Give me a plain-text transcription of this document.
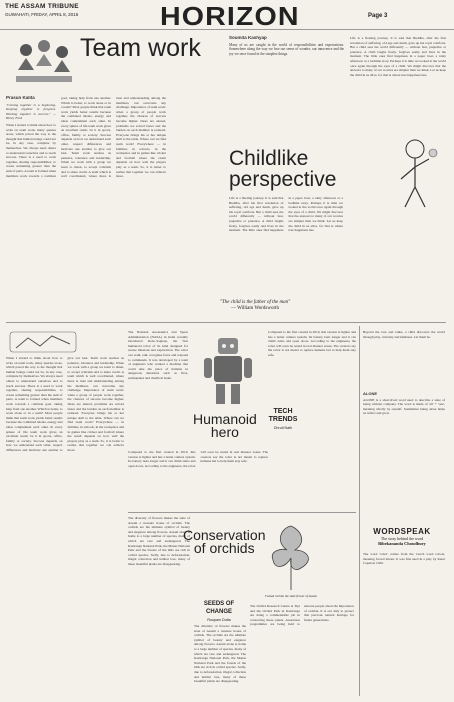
THE ASSAM TRIBUNE
GUWAHATI, FRIDAY, APRIL 8, 2016	HORIZON	Page 3
Team work
Prasun Kalita

"Coming together is a beginning. Keeping together is progress. Working together is success." — Henry Ford

When I started to think about how to write on team work, many queries arose, which paved the way to the thought that human beings could not be, in any case, complete by themselves. We always need others to understand ourselves and to reach success. There is a need to work together, sharing responsibilities, to create something greater than the sum of parts. A team is formed when members work towards a common goal, taking help from one another. Which is better, to work alone or in a team? Most people think that team work yields better results because the combined talents, energy and ideas complement each other. In every sphere of life team work gives an excellent result, be it in sports, office, family or society. Success depends on how we understand each other, respect differences and motivate one another to give our best. Team work teaches us patience, tolerance and leadership. When we work with a group we learn to listen, to accept criticism and to share credit. A team which is well coordinated, where there is trust and understanding among the members, can overcome any challenge. Importance of team work: when a group of people work together, the chances of success become higher. Ideas are shared, problems are solved faster and the burden on each member is reduced. Everyone brings his or her unique skill to the table. Where can we find team work? Everywhere — in families, in schools, in the workplace and in games like cricket and football where the result depends on how well the players play as a team. So, it is better to realise that together we can achieve more.

Soumita Kashyap

Many of us are caught in the world of responsibilities and expectations. Somewhere along the way we lose our sense of wonder, our innocence and the joy we once found in the simplest things.

Life is a fleeting journey. It is said that Buddha, after his first revelation of suffering, old age and death, gave up his royal comforts. But a child sees the world differently — without fear, prejudice or pretence. A child laughs freely, forgives easily and lives in the moment. The little ones find happiness in a paper boat, a rainy afternoon or a bedtime story. Perhaps it is time we looked at the world once again through the eyes of a child. We might discover that the answers to many of our worries are simpler than we think. Let us keep the child in us alive, for that is where true happiness lies.

Childlike
perspective

Life is a fleeting journey. It is said that Buddha, after his first revelation of suffering, old age and death, gave up his royal comforts. But a child sees the world differently — without fear, prejudice or pretence. A child laughs freely, forgives easily and lives in the moment. The little ones find happiness in a paper boat, a rainy afternoon or a bedtime story. Perhaps it is time we looked at the world once again through the eyes of a child. We might discover that the answers to many of our worries are simpler than we think. Let us keep the child in us alive, for that is where true happiness lies.

"The child is the father of the man"
— William Wordsworth

When I started to think about how to write on team work, many queries arose, which paved the way to the thought that human beings could not be, in any case, complete by themselves. We always need others to understand ourselves and to reach success. There is a need to work together, sharing responsibilities, to create something greater than the sum of parts. A team is formed when members work towards a common goal, taking help from one another. Which is better, to work alone or in a team? Most people think that team work yields better results because the combined talents, energy and ideas complement each other. In every sphere of life team work gives an excellent result, be it in sports, office, family or society. Success depends on how we understand each other, respect differences and motivate one another to give our best. Team work teaches us patience, tolerance and leadership. When we work with a group we learn to listen, to accept criticism and to share credit. A team which is well coordinated, where there is trust and understanding among the members, can overcome any challenge. Importance of team work: when a group of people work together, the chances of success become higher. Ideas are shared, problems are solved faster and the burden on each member is reduced. Everyone brings his or her unique skill to the table. Where can we find team work? Everywhere — in families, in schools, in the workplace and in games like cricket and football where the result depends on how well the players play as a team. So, it is better to realise that together we can achieve more.

The National Aeronautics and Space Administration (NASA) in India recently introduced Robo-Sapiens, the first humanoid robot of its kind designed for rescue missions and exploration. The robot can walk, talk, recognise faces and respond to commands. It was developed by a team of engineers who wanted a machine that could take the place of humans in dangerous situations such as fires, earthquakes and chemical leaks.

Humanoid
hero
TECH
TRENDS
Dhruti Nath

Compared to the first created in 2010, this version is lighter and has a better camera system. Its battery lasts longer and it can climb stairs and open doors. According to the engineers, the robot will soon be tested in real disaster zones. The creators say the robot is not meant to replace humans but to help them stay safe.

Compared to the first created in 2010, this version is lighter and has a better camera system. Its battery lasts longer and it can climb stairs and open doors. According to the engineers, the robot will soon be tested in real disaster zones. The creators say the robot is not meant to replace humans but to help them stay safe.

The diversity of flowers makes the state of Assam a treasure house of orchids. The orchids are the ultimate symbol of beauty and elegance among flowers. Assam alone is home to a large number of species, many of which are rare and endangered. The Kaziranga National Park, the Manas National Park and the forests of the hills are rich in orchid species. Sadly, due to deforestation, illegal collection and habitat loss, many of these beautiful plants are disappearing.

Conservation
of orchids
SEEDS OF
CHANGE
Roopam Dutta
Foxtail orchid, the state flower of Assam

The Orchid Research Centre at Tipi and the Orchid Park in Kaziranga are doing a commendable job in conserving these plants. Awareness programmes are being held to educate people about the importance of orchids. It is our duty to protect this precious natural heritage for future generations.

The diversity of flowers makes the state of Assam a treasure house of orchids. The orchids are the ultimate symbol of beauty and elegance among flowers. Assam alone is home to a large number of species, many of which are rare and endangered. The Kaziranga National Park, the Manas National Park and the forests of the hills are rich in orchid species. Sadly, due to deforestation, illegal collection and habitat loss, many of these beautiful plants are disappearing.

Beyond the race and ranks, a child discovers the world through play, curiosity and kindness. Let them be.

ALONE

ALONE is a short-lived word used to describe a state of being without company. The word is made of 'all' + 'one', meaning wholly by oneself. Sometimes being alone helps us reflect and grow.

WORDSPEAK
The story behind the word
Bibekananda Choudhury

The word 'robot' comes from the Czech word robota, meaning forced labour. It was first used in a play by Karel Capek in 1920.
